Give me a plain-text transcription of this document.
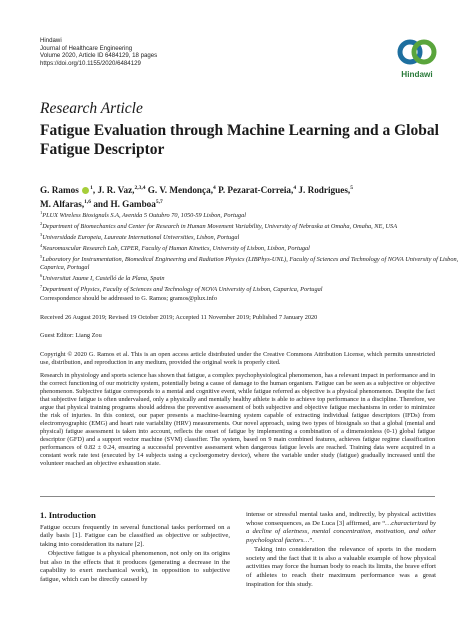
Hindawi
Journal of Healthcare Engineering
Volume 2020, Article ID 6484129, 18 pages
https://doi.org/10.1155/2020/6484129
Hindawi
Research Article
Fatigue Evaluation through Machine Learning and a Global Fatigue Descriptor
G. Ramos $^1$, J. R. Vaz,$^{2,3,4}$ G. V. Mendonça,$^4$ P. Pezarat-Correia,$^4$ J. Rodrigues,$^5$
M. Alfaras,$^{1,6}$ and H. Gamboa$^{5,7}$
$^1$PLUX Wireless Biosignals S.A, Avenida 5 Outubro 70, 1050-59 Lisbon, Portugal
$^2$Department of Biomechanics and Center for Research in Human Movement Variability, University of Nebraska at Omaha, Omaha, NE, USA
$^3$Universidade Europeia, Laureate International Universities, Lisbon, Portugal
$^4$Neuromuscular Research Lab, CIPER, Faculty of Human Kinetics, University of Lisbon, Lisbon, Portugal
$^5$Laboratory for Instrumentation, Biomedical Engineering and Radiation Physics (LIBPhys-UNL), Faculty of Sciences and Technology of NOVA University of Lisbon, Caparica, Portugal
$^6$Universitat Jaume I, Castelló de la Plana, Spain
$^7$Department of Physics, Faculty of Sciences and Technology of NOVA University of Lisbon, Caparica, Portugal
Correspondence should be addressed to G. Ramos; gramos@plux.info
Received 26 August 2019; Revised 19 October 2019; Accepted 11 November 2019; Published 7 January 2020
Guest Editor: Liang Zou
Copyright © 2020 G. Ramos et al. This is an open access article distributed under the Creative Commons Attribution License, which permits unrestricted use, distribution, and reproduction in any medium, provided the original work is properly cited.
Research in physiology and sports science has shown that fatigue, a complex psychophysiological phenomenon, has a relevant impact in performance and in the correct functioning of our motricity system, potentially being a cause of damage to the human organism. Fatigue can be seen as a subjective or objective phenomenon. Subjective fatigue corresponds to a mental and cognitive event, while fatigue referred as objective is a physical phenomenon. Despite the fact that subjective fatigue is often undervalued, only a physically and mentally healthy athlete is able to achieve top performance in a discipline. Therefore, we argue that physical training programs should address the preventive assessment of both subjective and objective fatigue mechanisms in order to minimize the risk of injuries. In this context, our paper presents a machine-learning system capable of extracting individual fatigue descriptors (IFDs) from electromyographic (EMG) and heart rate variability (HRV) measurements. Our novel approach, using two types of biosignals so that a global (mental and physical) fatigue assessment is taken into account, reflects the onset of fatigue by implementing a combination of a dimensionless (0-1) global fatigue descriptor (GFD) and a support vector machine (SVM) classifier. The system, based on 9 main combined features, achieves fatigue regime classification performances of 0.82 ± 0.24, ensuring a successful preventive assessment when dangerous fatigue levels are reached. Training data were acquired in a constant work rate test (executed by 14 subjects using a cycloergometry device), where the variable under study (fatigue) gradually increased until the volunteer reached an objective exhaustion state.
1. Introduction

Fatigue occurs frequently in several functional tasks performed on a daily basis [1]. Fatigue can be classified as objective or subjective, taking into consideration its nature [2].

Objective fatigue is a physical phenomenon, not only on its origins but also in the effects that it produces (generating a decrease in the capability to exert mechanical work), in opposition to subjective fatigue, which can be directly caused by

intense or stressful mental tasks and, indirectly, by physical activities whose consequences, as De Luca [3] affirmed, are “…characterized by a decline of alertness, mental concentration, motivation, and other psychological factors…”.

Taking into consideration the relevance of sports in the modern society and the fact that it is also a valuable example of how physical activities may force the human body to reach its limits, the brave effort of athletes to reach their maximum performance was a great inspiration for this study.
